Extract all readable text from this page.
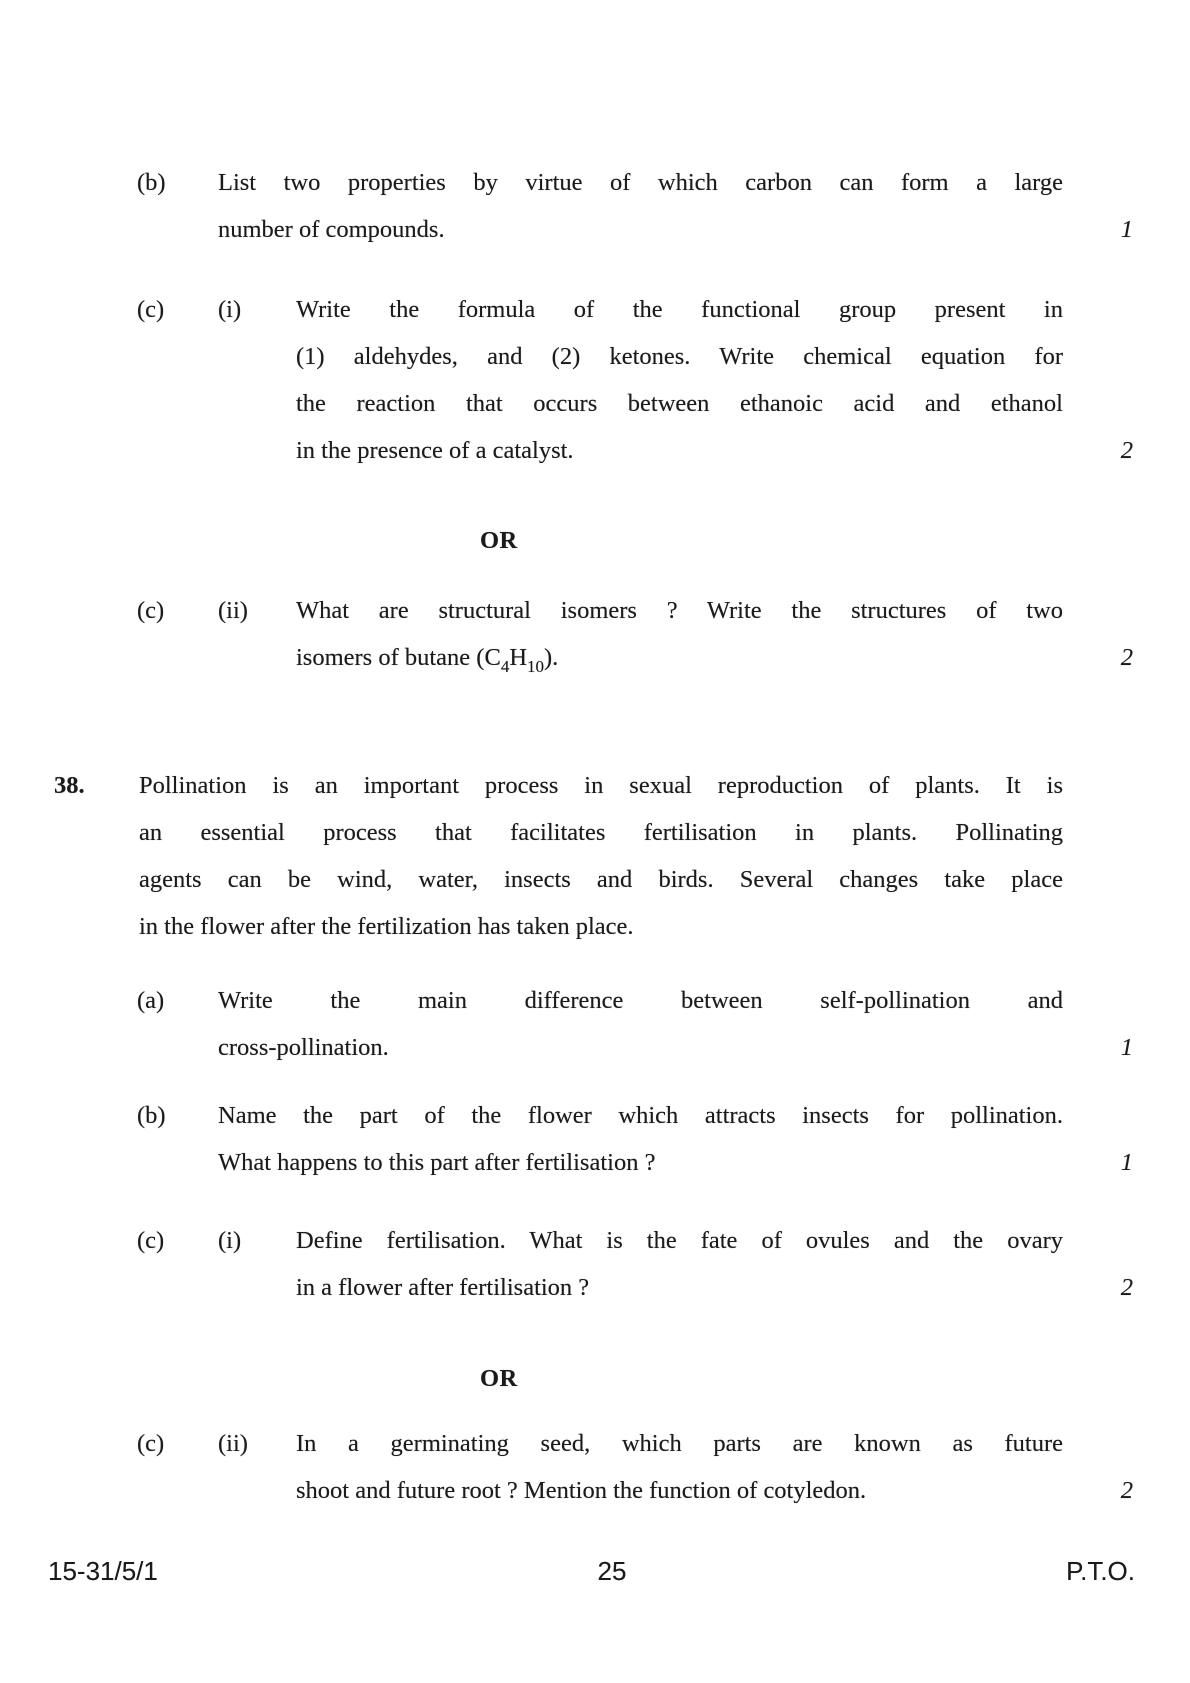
(b)	List two properties by virtue of which carbon can form a large
number of compounds.	1
(c)	(i)	Write the formula of the functional group present in
(1) aldehydes, and (2) ketones. Write chemical equation for
the reaction that occurs between ethanoic acid and ethanol
in the presence of a catalyst.	2
OR
(c)	(ii)	What are structural isomers ? Write the structures of two
isomers of butane $(C_4H_{10})$.	2
38.	Pollination is an important process in sexual reproduction of plants. It is
an essential process that facilitates fertilisation in plants. Pollinating
agents can be wind, water, insects and birds. Several changes take place
in the flower after the fertilization has taken place.
(a)	Write the main difference between self-pollination and
cross-pollination.	1
(b)	Name the part of the flower which attracts insects for pollination.
What happens to this part after fertilisation ?	1
(c)	(i)	Define fertilisation. What is the fate of ovules and the ovary
in a flower after fertilisation ?	2
OR
(c)	(ii)	In a germinating seed, which parts are known as future
shoot and future root ? Mention the function of cotyledon.	2
15-31/5/1	25	P.T.O.
